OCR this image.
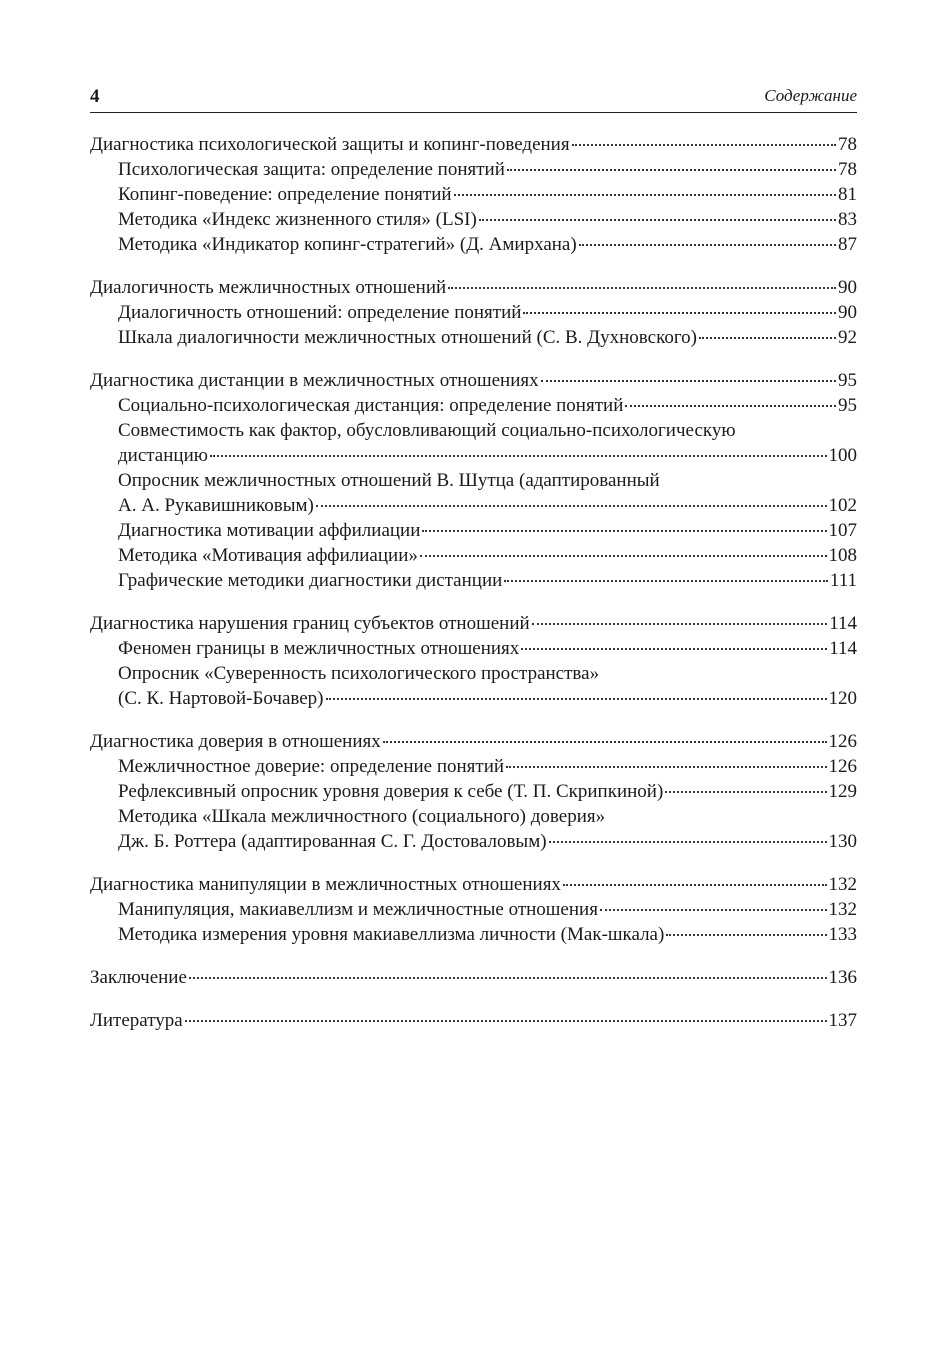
4	Содержание
Диагностика психологической защиты и копинг-поведения	78
Психологическая защита: определение понятий	78
Копинг-поведение: определение понятий	81
Методика «Индекс жизненного стиля» (LSI)	83
Методика «Индикатор копинг-стратегий» (Д. Амирхана)	87
Диалогичность межличностных отношений	90
Диалогичность отношений: определение понятий	90
Шкала диалогичности межличностных отношений (С. В. Духновского)	92
Диагностика дистанции в межличностных отношениях	95
Социально-психологическая дистанция: определение понятий	95
Совместимость как фактор, обусловливающий социально-психологическую
дистанцию	100
Опросник межличностных отношений В. Шутца (адаптированный
А. А. Рукавишниковым)	102
Диагностика мотивации аффилиации	107
Методика «Мотивация аффилиации»	108
Графические методики диагностики дистанции	111
Диагностика нарушения границ субъектов отношений	114
Феномен границы в межличностных отношениях	114
Опросник «Суверенность психологического пространства»
(С. К. Нартовой-Бочавер)	120
Диагностика доверия в отношениях	126
Межличностное доверие: определение понятий	126
Рефлексивный опросник уровня доверия к себе (Т. П. Скрипкиной)	129
Методика «Шкала межличностного (социального) доверия»
Дж. Б. Роттера (адаптированная С. Г. Достоваловым)	130
Диагностика манипуляции в межличностных отношениях	132
Манипуляция, макиавеллизм и межличностные отношения	132
Методика измерения уровня макиавеллизма личности (Мак-шкала)	133
Заключение	136
Литература	137
